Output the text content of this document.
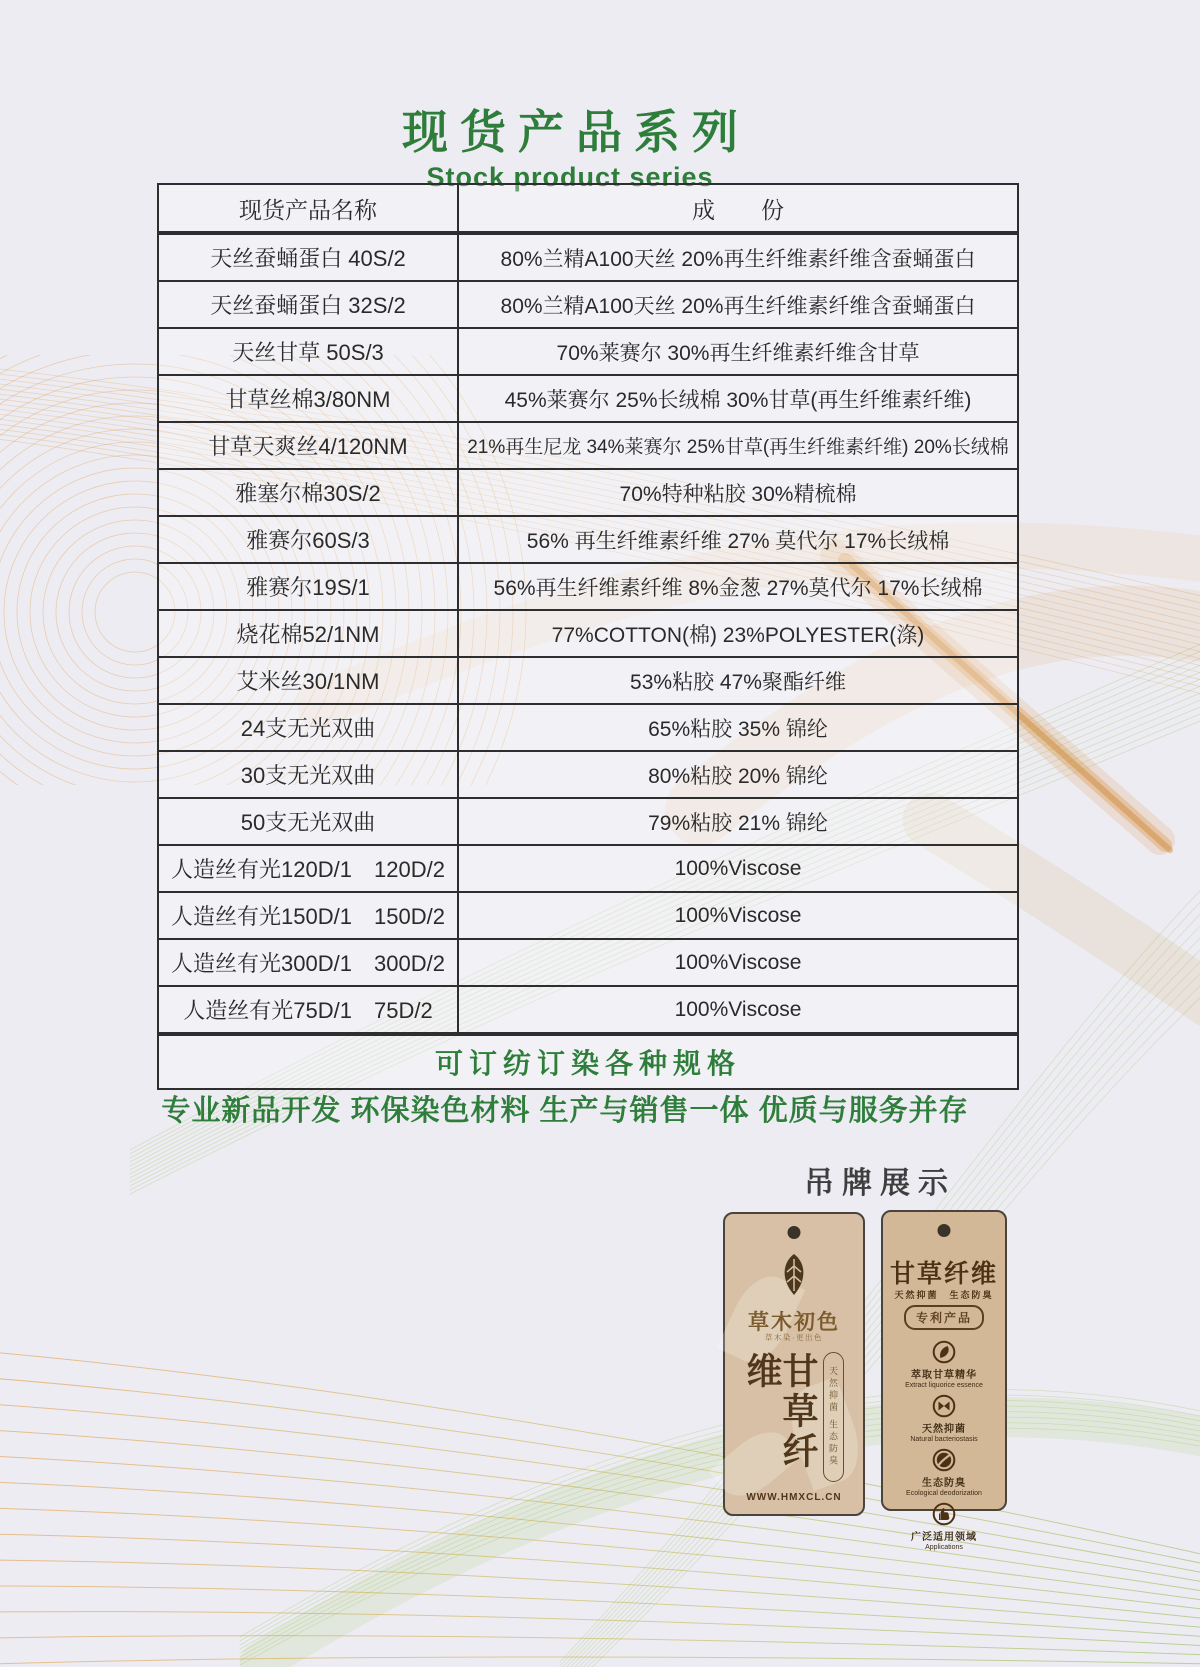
现货产品系列
Stock product series
现货产品名称	成　　份

天丝蚕蛹蛋白 40S/2	80%兰精A100天丝 20%再生纤维素纤维含蚕蛹蛋白

天丝蚕蛹蛋白 32S/2	80%兰精A100天丝 20%再生纤维素纤维含蚕蛹蛋白

天丝甘草 50S/3	70%莱赛尔 30%再生纤维素纤维含甘草

甘草丝棉3/80NM	45%莱赛尔 25%长绒棉 30%甘草(再生纤维素纤维)

甘草天爽丝4/120NM	21%再生尼龙 34%莱赛尔 25%甘草(再生纤维素纤维) 20%长绒棉

雅塞尔棉30S/2	70%特种粘胶 30%精梳棉

雅赛尔60S/3	56% 再生纤维素纤维 27% 莫代尔 17%长绒棉

雅赛尔19S/1	56%再生纤维素纤维 8%金葱 27%莫代尔 17%长绒棉

烧花棉52/1NM	77%COTTON(棉) 23%POLYESTER(涤)

艾米丝30/1NM	53%粘胶 47%聚酯纤维

24支无光双曲	65%粘胶 35% 锦纶

30支无光双曲	80%粘胶 20% 锦纶

50支无光双曲	79%粘胶 21% 锦纶

人造丝有光120D/1　120D/2	100%Viscose

人造丝有光150D/1　150D/2	100%Viscose

人造丝有光300D/1　300D/2	100%Viscose

人造丝有光75D/1　75D/2	100%Viscose

可订纺订染各种规格	
专业新品开发 环保染色材料 生产与销售一体 优质与服务并存
吊牌展示
草木初色
草木染·更出色
甘草纤维	天然抑菌 生态防臭
WWW.HMXCL.CN
甘草纤维
天然抑菌　生态防臭
专利产品
萃取甘草精华
Extract liquorice essence
天然抑菌
Natural bacteriostasis
生态防臭
Ecological deodorization
广泛适用领域
Applications
